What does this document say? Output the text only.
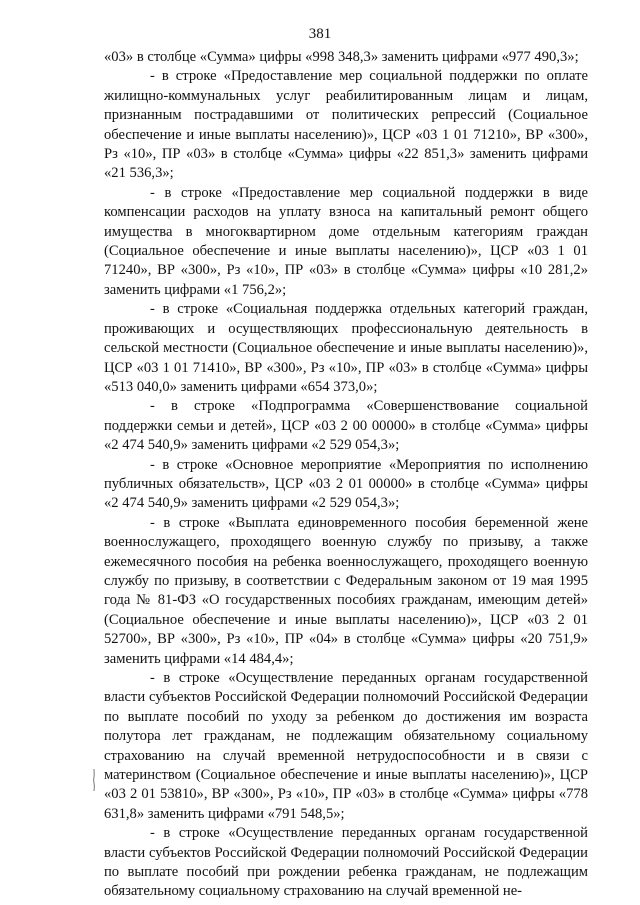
381

«03» в столбце «Сумма» цифры «998 348,3» заменить цифрами «977 490,3»;

- в строке «Предоставление мер социальной поддержки по оплате жилищно-коммунальных услуг реабилитированным лицам и лицам, признанным пострадавшими от политических репрессий (Социальное обеспечение и иные выплаты населению)», ЦСР «03 1 01 71210», ВР «300», Рз «10», ПР «03» в столбце «Сумма» цифры «22 851,3» заменить цифрами «21 536,3»;

- в строке «Предоставление мер социальной поддержки в виде компенсации расходов на уплату взноса на капитальный ремонт общего имущества в многоквартирном доме отдельным категориям граждан (Социальное обеспечение и иные выплаты населению)», ЦСР «03 1 01 71240», ВР «300», Рз «10», ПР «03» в столбце «Сумма» цифры «10 281,2» заменить цифрами «1 756,2»;

- в строке «Социальная поддержка отдельных категорий граждан, проживающих и осуществляющих профессиональную деятельность в сельской местности (Социальное обеспечение и иные выплаты населению)», ЦСР «03 1 01 71410», ВР «300», Рз «10», ПР «03» в столбце «Сумма» цифры «513 040,0» заменить цифрами «654 373,0»;

- в строке «Подпрограмма «Совершенствование социальной поддержки семьи и детей», ЦСР «03 2 00 00000» в столбце «Сумма» цифры «2 474 540,9» заменить цифрами «2 529 054,3»;

- в строке «Основное мероприятие «Мероприятия по исполнению публичных обязательств», ЦСР «03 2 01 00000» в столбце «Сумма» цифры «2 474 540,9» заменить цифрами «2 529 054,3»;

- в строке «Выплата единовременного пособия беременной жене военнослужащего, проходящего военную службу по призыву, а также ежемесячного пособия на ребенка военнослужащего, проходящего военную службу по призыву, в соответствии с Федеральным законом от 19 мая 1995 года № 81-ФЗ «О государственных пособиях гражданам, имеющим детей» (Социальное обеспечение и иные выплаты населению)», ЦСР «03 2 01 52700», ВР «300», Рз «10», ПР «04» в столбце «Сумма» цифры «20 751,9» заменить цифрами «14 484,4»;

- в строке «Осуществление переданных органам государственной власти субъектов Российской Федерации полномочий Российской Федерации по выплате пособий по уходу за ребенком до достижения им возраста полутора лет гражданам, не подлежащим обязательному социальному страхованию на случай временной нетрудоспособности и в связи с материнством (Социальное обеспечение и иные выплаты населению)», ЦСР «03 2 01 53810», ВР «300», Рз «10», ПР «03» в столбце «Сумма» цифры «778 631,8» заменить цифрами «791 548,5»;

- в строке «Осуществление переданных органам государственной власти субъектов Российской Федерации полномочий Российской Федерации по выплате пособий при рождении ребенка гражданам, не подлежащим обязательному социальному страхованию на случай временной не-
